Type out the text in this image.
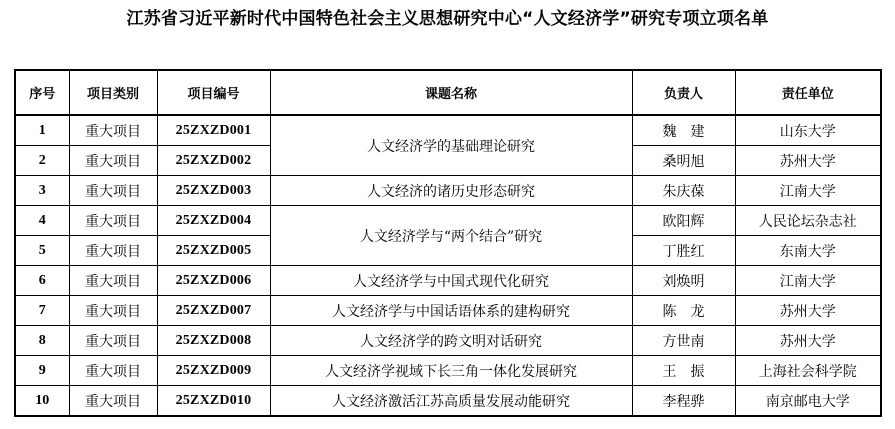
江苏省习近平新时代中国特色社会主义思想研究中心“人文经济学”研究专项立项名单
序号	项目类别	项目编号	课题名称	负责人	责任单位
1	重大项目	25ZXZD001	人文经济学的基础理论研究	魏　建	山东大学
2	重大项目	25ZXZD002		桑明旭	苏州大学
3	重大项目	25ZXZD003	人文经济的诸历史形态研究	朱庆葆	江南大学
4	重大项目	25ZXZD004	人文经济学与“两个结合”研究	欧阳辉	人民论坛杂志社
5	重大项目	25ZXZD005		丁胜红	东南大学
6	重大项目	25ZXZD006	人文经济学与中国式现代化研究	刘焕明	江南大学
7	重大项目	25ZXZD007	人文经济学与中国话语体系的建构研究	陈　龙	苏州大学
8	重大项目	25ZXZD008	人文经济学的跨文明对话研究	方世南	苏州大学
9	重大项目	25ZXZD009	人文经济学视域下长三角一体化发展研究	王　振	上海社会科学院
10	重大项目	25ZXZD010	人文经济激活江苏高质量发展动能研究	李程骅	南京邮电大学
